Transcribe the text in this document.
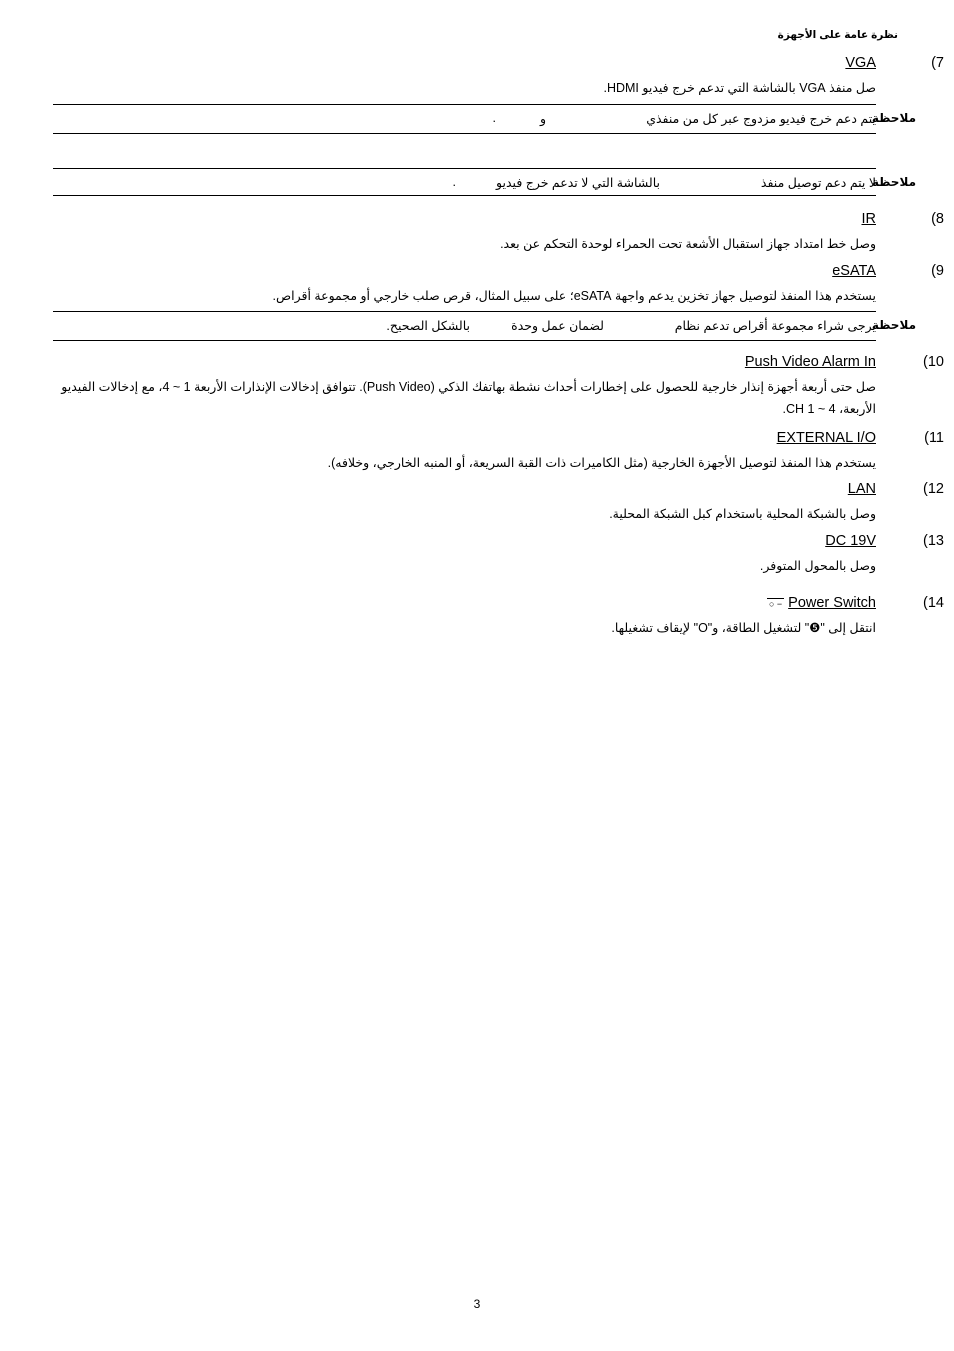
نظرة عامة على الأجهزة
7)
VGA
صل منفذ VGA بالشاشة التي تدعم خرج فيديو HDMI.
ملاحظة
يتم دعم خرج فيديو مزدوج عبر كل من منفذي
و
.
ملاحظة
لا يتم دعم توصيل منفذ
بالشاشة التي لا تدعم خرج فيديو
.
8)
IR
وصل خط امتداد جهاز استقبال الأشعة تحت الحمراء لوحدة التحكم عن بعد.
9)
eSATA
يستخدم هذا المنفذ لتوصيل جهاز تخزين يدعم واجهة eSATA؛ على سبيل المثال، قرص صلب خارجي أو مجموعة أقراص.
ملاحظة
يرجى شراء مجموعة أقراص تدعم نظام
لضمان عمل وحدة
بالشكل الصحيح.
10)
Push Video Alarm In
صل حتى أربعة أجهزة إنذار خارجية للحصول على إخطارات أحداث نشطة بهاتفك الذكي (Push Video). تتوافق إدخالات الإنذارات الأربعة 1 ~ 4، مع إدخالات الفيديو الأربعة، CH 1 ~ 4.
11)
EXTERNAL I/O
يستخدم هذا المنفذ لتوصيل الأجهزة الخارجية (مثل الكاميرات ذات القبة السريعة، أو المنبه الخارجي، وخلافه).
12)
LAN
وصل بالشبكة المحلية باستخدام كبل الشبكة المحلية.
13)
DC 19V
وصل بالمحول المتوفر.
14)
Power Switch
− ○
انتقل إلى "❺" لتشغيل الطاقة، و"O" لإيقاف تشغيلها.
3
